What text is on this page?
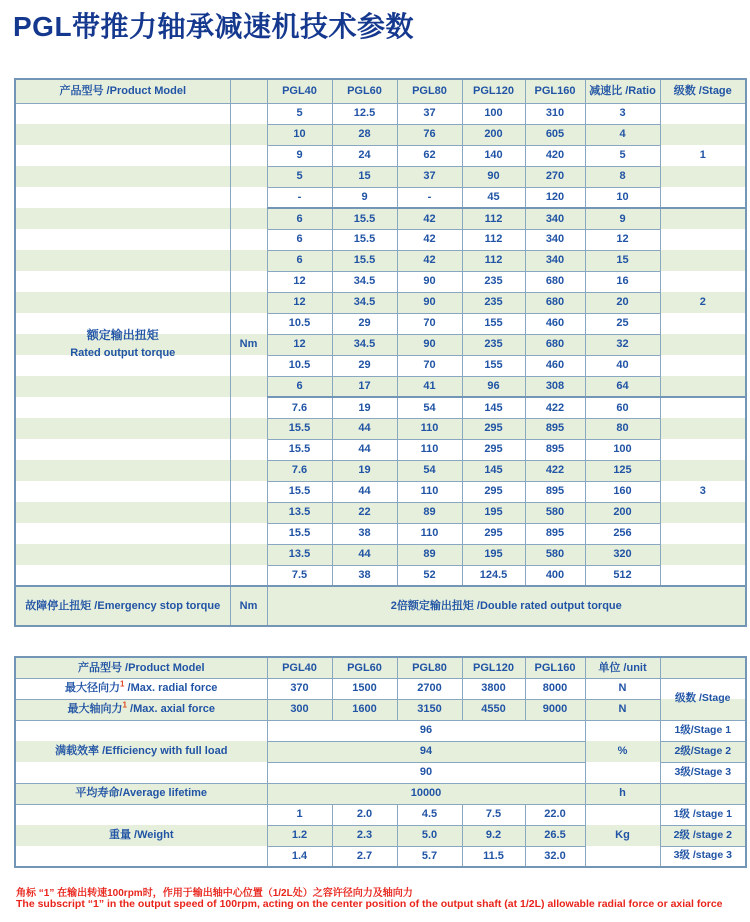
PGL带推力轴承减速机技术参数
产品型号 /Product Model		PGL40	PGL60	PGL80	PGL120	PGL160	减速比 /Ratio	级数 /Stage

额定输出扭矩
Rated output torque	Nm	5	12.5	37	100	310	3	1
		10	28	76	200	605	4	
		9	24	62	140	420	5	
		5	15	37	90	270	8	
		-	9	-	45	120	10	
		6	15.5	42	112	340	9	2
		6	15.5	42	112	340	12	
		6	15.5	42	112	340	15	
		12	34.5	90	235	680	16	
		12	34.5	90	235	680	20	
		10.5	29	70	155	460	25	
		12	34.5	90	235	680	32	
		10.5	29	70	155	460	40	
		6	17	41	96	308	64	
		7.6	19	54	145	422	60	3
		15.5	44	110	295	895	80	
		15.5	44	110	295	895	100	
		7.6	19	54	145	422	125	
		15.5	44	110	295	895	160	
		13.5	22	89	195	580	200	
		15.5	38	110	295	895	256	
		13.5	44	89	195	580	320	
		7.5	38	52	124.5	400	512	
故障停止扭矩 /Emergency stop torque	Nm	2倍额定输出扭矩 /Double rated output torque						
产品型号 /Product Model	PGL40	PGL60	PGL80	PGL120	PGL160	单位 /unit	
最大径向力$^1$ /Max. radial force	370	1500	2700	3800	8000	N	级数 /Stage
最大轴向力$^1$ /Max. axial force	300	1600	3150	4550	9000	N	
满载效率 /Efficiency with full load	96					%	1级/Stage 1
	94						2级/Stage 2
	90						3级/Stage 3
平均寿命/Average lifetime	10000					h	
重量 /Weight	1	2.0	4.5	7.5	22.0	Kg	1级 /stage 1
	1.2	2.3	5.0	9.2	26.5		2级 /stage 2
	1.4	2.7	5.7	11.5	32.0		3级 /stage 3

角标 “1” 在输出转速100rpm时，作用于输出轴中心位置（1/2L处）之容许径向力及轴向力

The subscript “1” in the output speed of 100rpm, acting on the center position of the output shaft (at 1/2L) allowable radial force or axial force
